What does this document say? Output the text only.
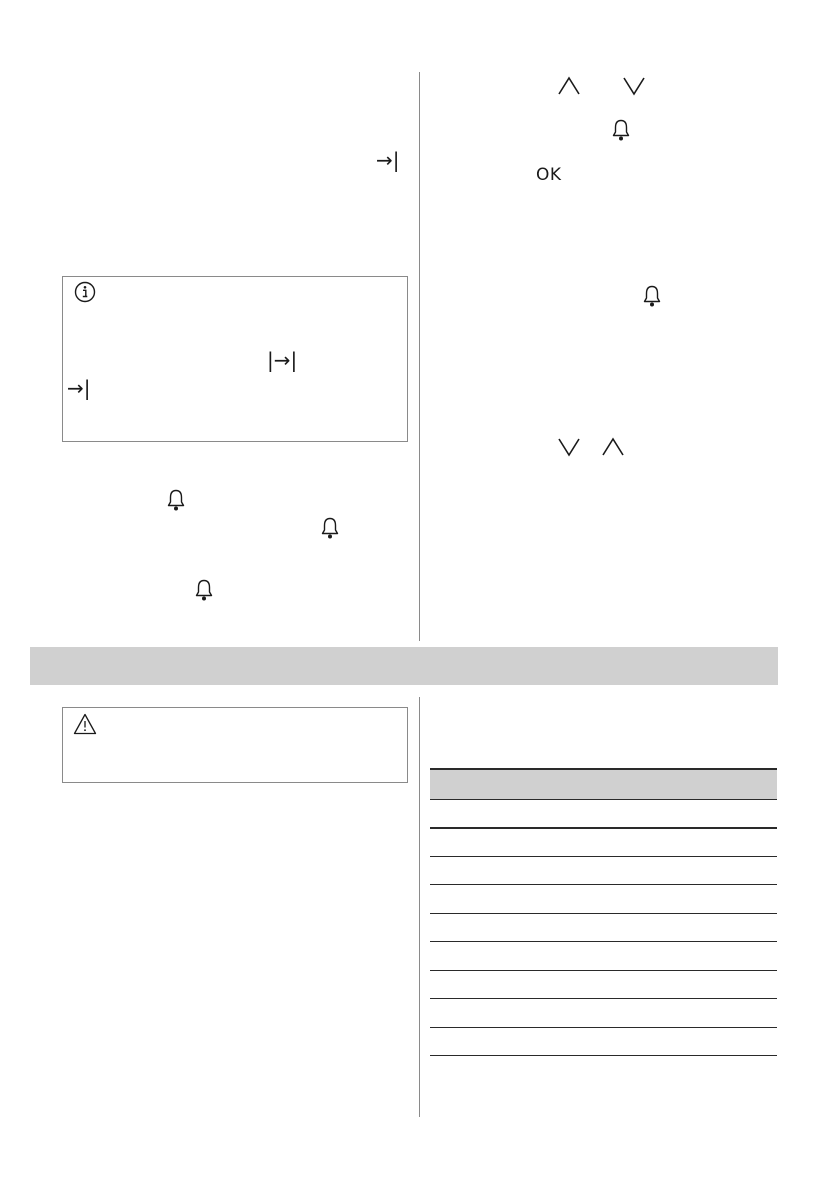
→|
|→|
→|
OK
